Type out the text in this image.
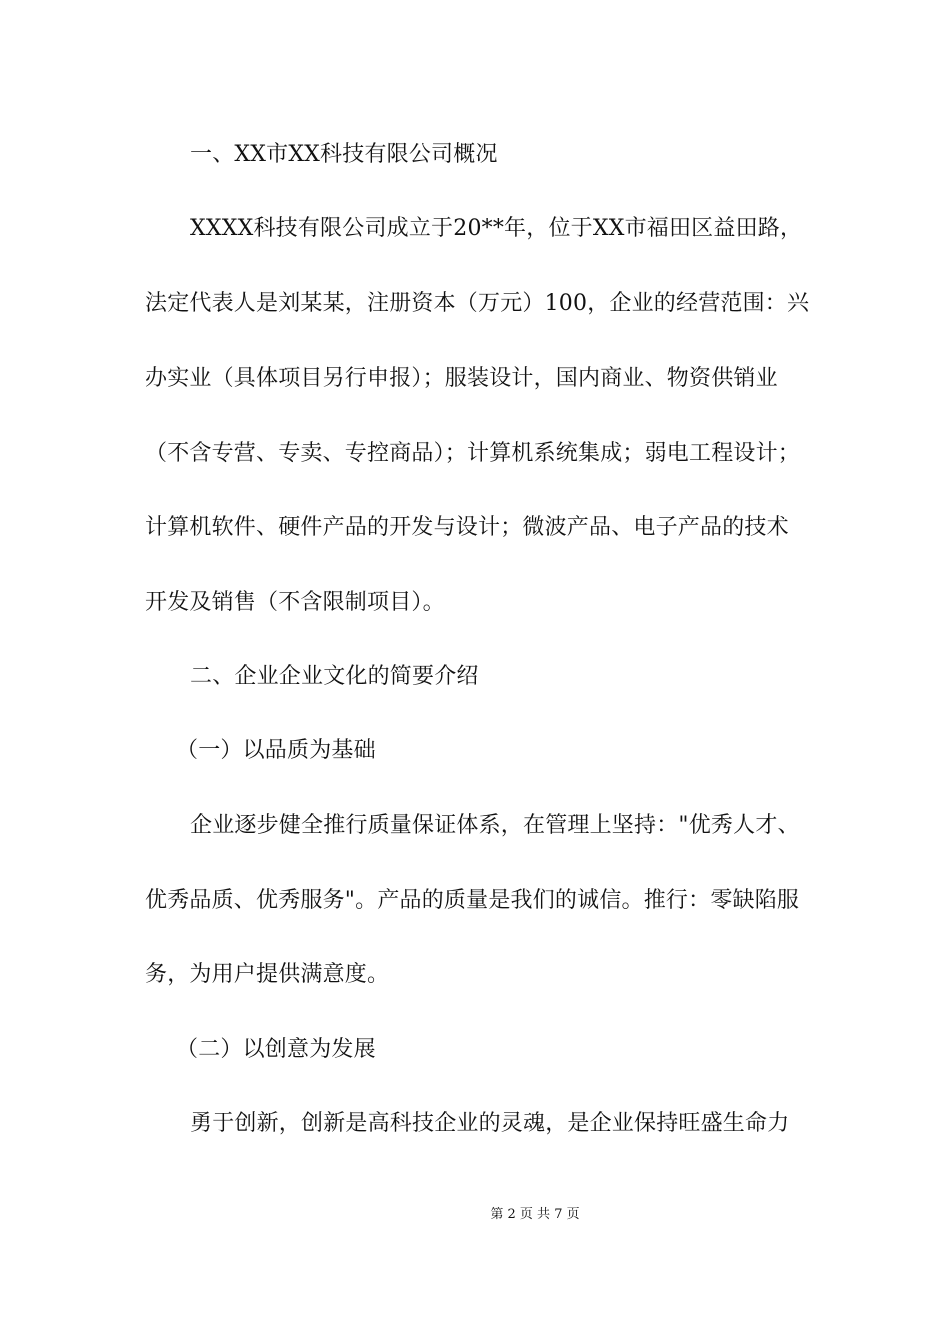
一、XX市XX科技有限公司概况
XXXX科技有限公司成立于20**年，位于XX市福田区益田路，
法定代表人是刘某某，注册资本（万元）100，企业的经营范围：兴
办实业（具体项目另行申报）；服装设计，国内商业、物资供销业
（不含专营、专卖、专控商品）；计算机系统集成；弱电工程设计；
计算机软件、硬件产品的开发与设计；微波产品、电子产品的技术
开发及销售（不含限制项目）。
二、企业企业文化的简要介绍
（一）以品质为基础
企业逐步健全推行质量保证体系，在管理上坚持："优秀人才、
优秀品质、优秀服务"。产品的质量是我们的诚信。推行：零缺陷服
务，为用户提供满意度。
（二）以创意为发展
勇于创新，创新是高科技企业的灵魂，是企业保持旺盛生命力
第 2 页 共 7 页
